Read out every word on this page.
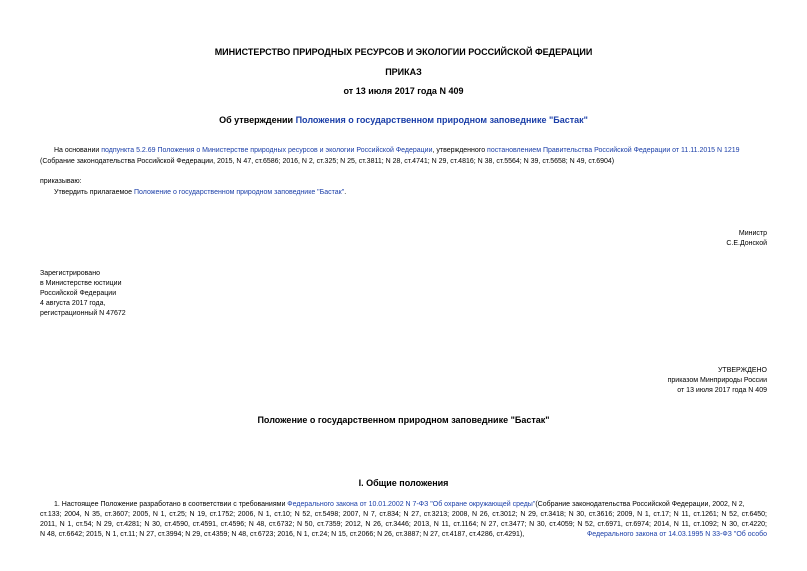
МИНИСТЕРСТВО ПРИРОДНЫХ РЕСУРСОВ И ЭКОЛОГИИ РОССИЙСКОЙ ФЕДЕРАЦИИ
ПРИКАЗ
от 13 июля 2017 года N 409
Об утверждении Положения о государственном природном заповеднике "Бастак"
На основании подпункта 5.2.69 Положения о Министерстве природных ресурсов и экологии Российской Федерации, утвержденного постановлением Правительства Российской Федерации от 11.11.2015 N 1219
(Собрание законодательства Российской Федерации, 2015, N 47, ст.6586; 2016, N 2, ст.325; N 25, ст.3811; N 28, ст.4741; N 29, ст.4816; N 38, ст.5564; N 39, ст.5658; N 49, ст.6904)
приказываю:
Утвердить прилагаемое Положение о государственном природном заповеднике "Бастак".
Министр
С.Е.Донской
Зарегистрировано
в Министерстве юстиции
Российской Федерации
4 августа 2017 года,
регистрационный N 47672
УТВЕРЖДЕНО
приказом Минприроды России
от 13 июля 2017 года N 409
Положение о государственном природном заповеднике "Бастак"
I. Общие положения
1. Настоящее Положение разработано в соответствии с требованиями Федерального закона от 10.01.2002 N 7-ФЗ "Об охране окружающей среды"(Собрание законодательства Российской Федерации, 2002, N 2,
ст.133; 2004, N 35, ст.3607; 2005, N 1, ст.25; N 19, ст.1752; 2006, N 1, ст.10; N 52, ст.5498; 2007, N 7, ст.834; N 27, ст.3213; 2008, N 26, ст.3012; N 29, ст.3418; N 30, ст.3616; 2009, N 1, ст.17; N 11, ст.1261; N 52, ст.6450;
2011, N 1, ст.54; N 29, ст.4281; N 30, ст.4590, ст.4591, ст.4596; N 48, ст.6732; N 50, ст.7359; 2012, N 26, ст.3446; 2013, N 11, ст.1164; N 27, ст.3477; N 30, ст.4059; N 52, ст.6971, ст.6974; 2014, N 11, ст.1092; N 30, ст.4220;
N 48, ст.6642; 2015, N 1, ст.11; N 27, ст.3994; N 29, ст.4359; N 48, ст.6723; 2016, N 1, ст.24; N 15, ст.2066; N 26, ст.3887; N 27, ст.4187, ст.4286, ст.4291),	Федерального закона от 14.03.1995 N 33-ФЗ "Об особо
